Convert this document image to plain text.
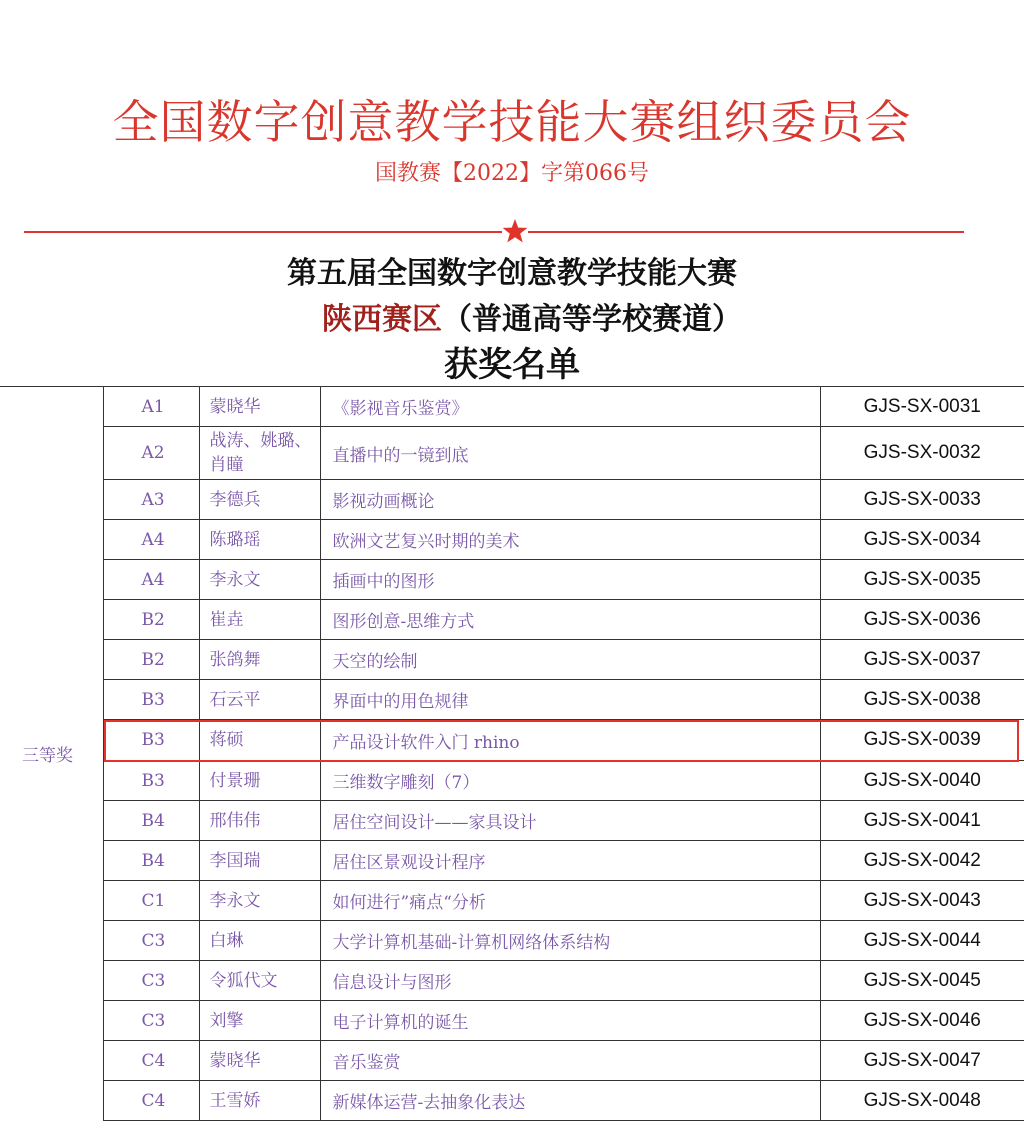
全国数字创意教学技能大赛组织委员会
国教赛【2022】字第066号
第五届全国数字创意教学技能大赛
陕西赛区（普通高等学校赛道）
获奖名单
三等奖	A1	蒙晓华	《影视音乐鉴赏》	GJS-SX-0031
	A2	战涛、姚璐、肖瞳	直播中的一镜到底	GJS-SX-0032
	A3	李德兵	影视动画概论	GJS-SX-0033
	A4	陈璐瑶	欧洲文艺复兴时期的美术	GJS-SX-0034
	A4	李永文	插画中的图形	GJS-SX-0035
	B2	崔垚	图形创意-思维方式	GJS-SX-0036
	B2	张鸽舞	天空的绘制	GJS-SX-0037
	B3	石云平	界面中的用色规律	GJS-SX-0038
	B3	蒋硕	产品设计软件入门 rhino	GJS-SX-0039
	B3	付景珊	三维数字雕刻（7）	GJS-SX-0040
	B4	邢伟伟	居住空间设计——家具设计	GJS-SX-0041
	B4	李国瑞	居住区景观设计程序	GJS-SX-0042
	C1	李永文	如何进行”痛点“分析	GJS-SX-0043
	C3	白琳	大学计算机基础-计算机网络体系结构	GJS-SX-0044
	C3	令狐代文	信息设计与图形	GJS-SX-0045
	C3	刘擎	电子计算机的诞生	GJS-SX-0046
	C4	蒙晓华	音乐鉴赏	GJS-SX-0047
	C4	王雪娇	新媒体运营-去抽象化表达	GJS-SX-0048
